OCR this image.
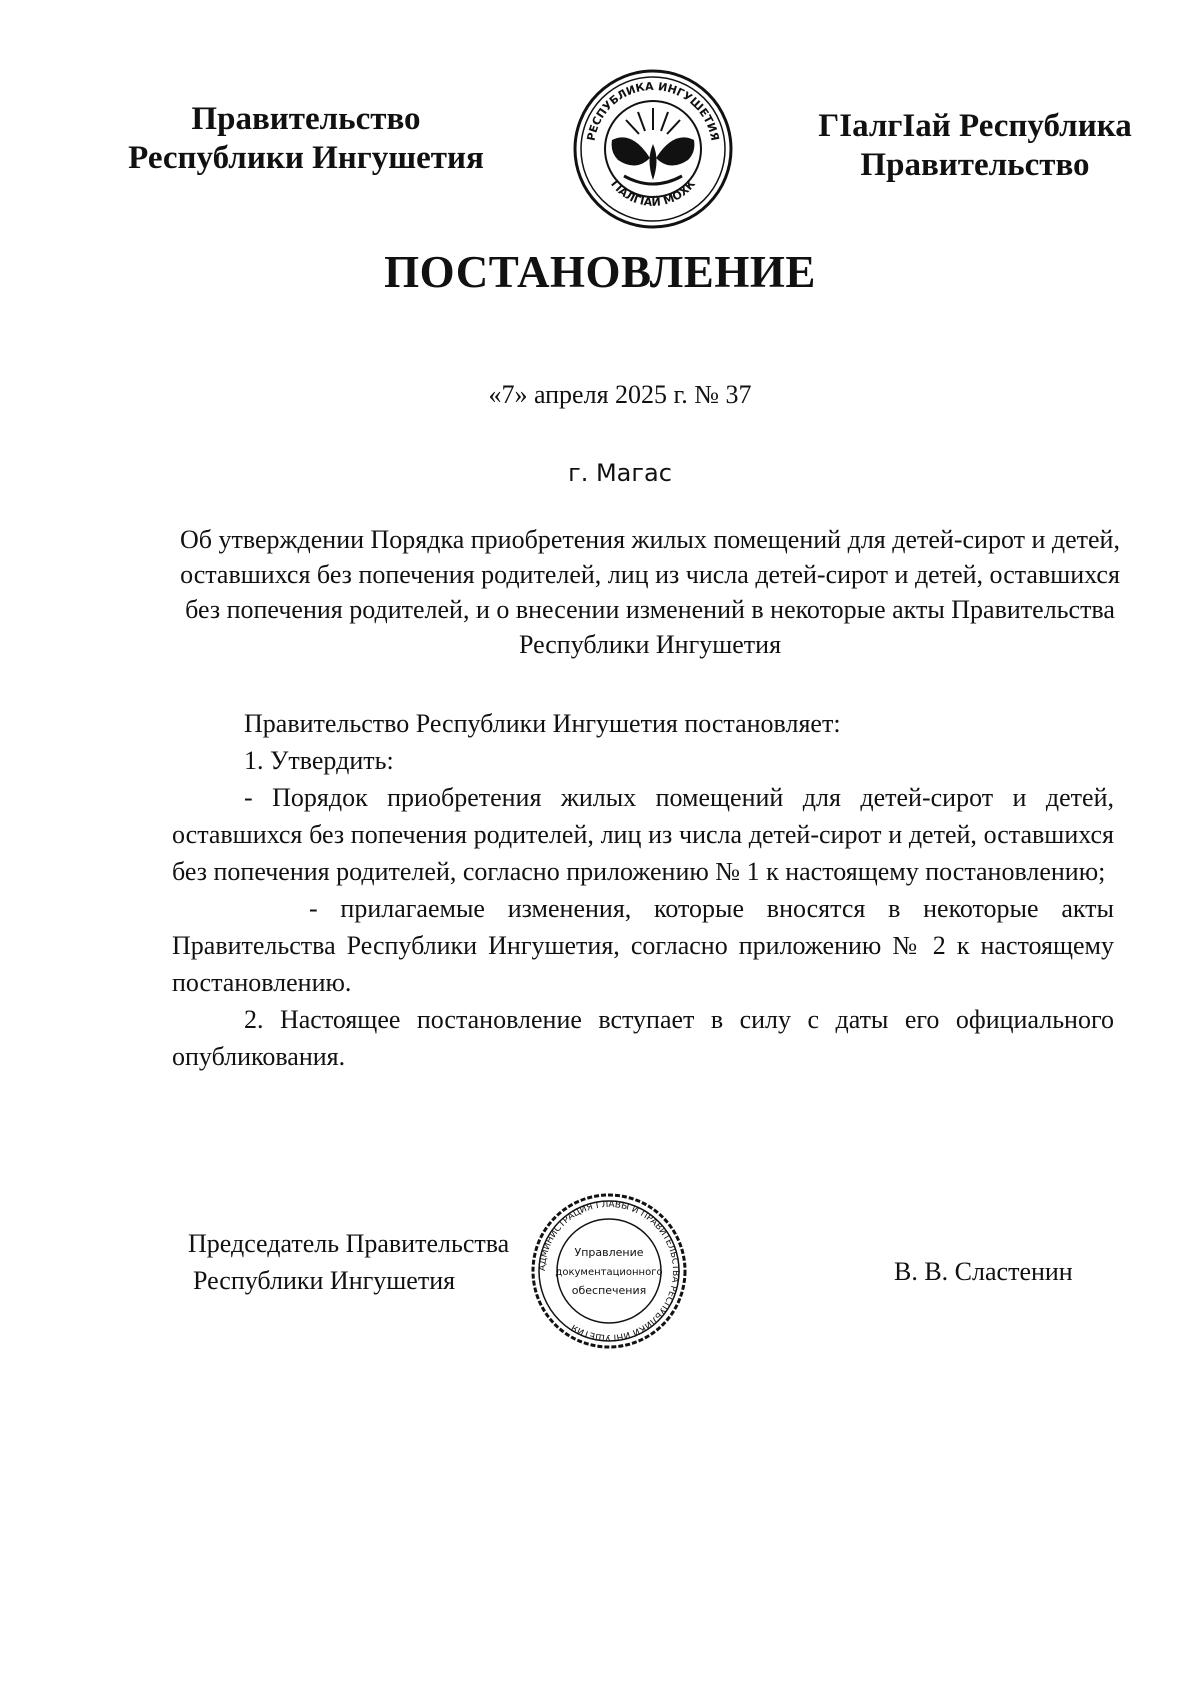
Правительство
Республики Ингушетия
РЕСПУБЛИКА ИНГУШЕТИЯ
ГIАЛГIАЙ МОХК
ГIалгIай Республика
Правительство
ПОСТАНОВЛЕНИЕ
«7» апреля 2025 г. № 37
г. Магас
Об утверждении Порядка приобретения жилых помещений для детей-сирот и детей, оставшихся без попечения родителей, лиц из числа детей-сирот и детей, оставшихся без попечения родителей, и о внесении изменений в некоторые акты Правительства Республики Ингушетия

Правительство Республики Ингушетия постановляет:

1. Утвердить:

- Порядок приобретения жилых помещений для детей-сирот и детей, оставшихся без попечения родителей, лиц из числа детей-сирот и детей, оставшихся без попечения родителей, согласно приложению № 1 к настоящему постановлению;

- прилагаемые изменения, которые вносятся в некоторые акты Правительства Республики Ингушетия, согласно приложению № 2 к настоящему постановлению.

2. Настоящее постановление вступает в силу с даты его официального опубликования.

Председатель Правительства
Республики Ингушетия	АДМИНИСТРАЦИЯ ГЛАВЫ И ПРАВИТЕЛЬСТВА РЕСПУБЛИКИ ИНГУШЕТИЯ
Управление
документационного
обеспечения
В. В. Сластенин
